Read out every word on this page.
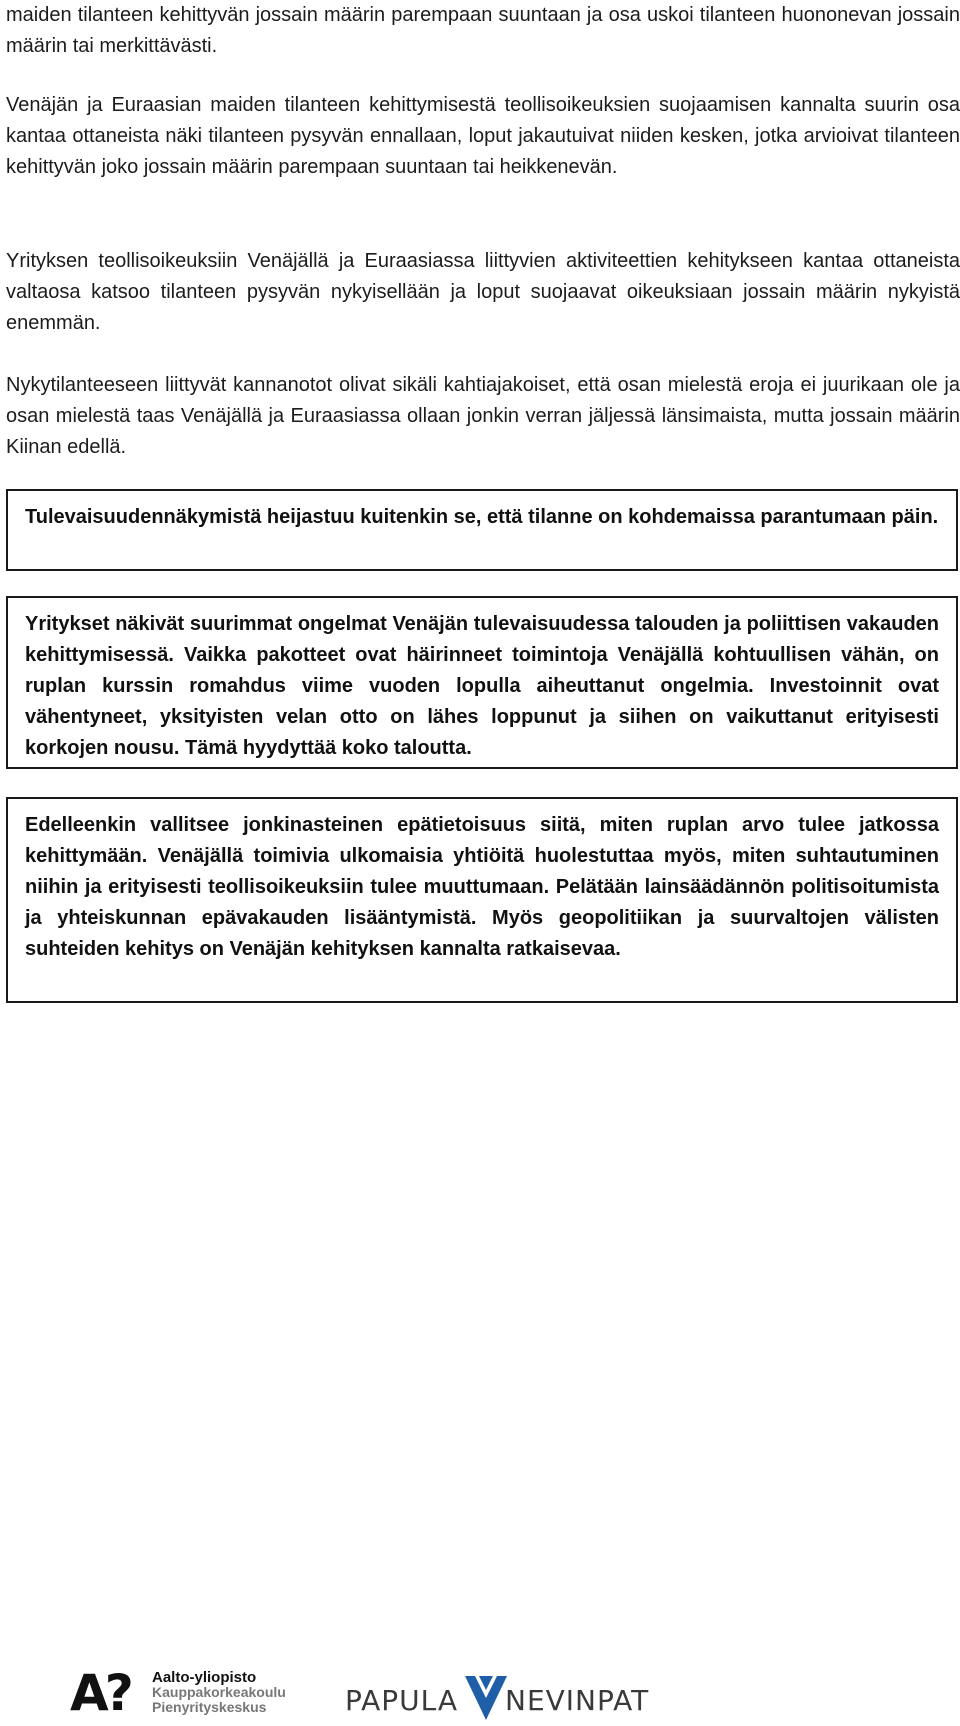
maiden tilanteen kehittyvän jossain määrin parempaan suuntaan ja osa uskoi tilanteen huononevan jossain määrin tai merkittävästi.

Venäjän ja Euraasian maiden tilanteen kehittymisestä teollisoikeuksien suojaamisen kannalta suurin osa kantaa ottaneista näki tilanteen pysyvän ennallaan, loput jakautuivat niiden kesken, jotka arvioivat tilanteen kehittyvän joko jossain määrin parempaan suuntaan tai heikkenevän.

Yrityksen teollisoikeuksiin Venäjällä ja Euraasiassa liittyvien aktiviteettien kehitykseen kantaa ottaneista valtaosa katsoo tilanteen pysyvän nykyisellään ja loput suojaavat oikeuksiaan jossain määrin nykyistä enemmän.

Nykytilanteeseen liittyvät kannanotot olivat sikäli kahtiajakoiset, että osan mielestä eroja ei juurikaan ole ja osan mielestä taas Venäjällä ja Euraasiassa ollaan jonkin verran jäljessä länsimaista, mutta jossain määrin Kiinan edellä.

Tulevaisuudennäkymistä heijastuu kuitenkin se, että tilanne on kohdemaissa parantumaan päin.

Yritykset näkivät suurimmat ongelmat Venäjän tulevaisuudessa talouden ja poliittisen vakauden kehittymisessä. Vaikka pakotteet ovat häirinneet toimintoja Venäjällä kohtuullisen vähän, on ruplan kurssin romahdus viime vuoden lopulla aiheuttanut ongelmia. Investoinnit ovat vähentyneet, yksityisten velan otto on lähes loppunut ja siihen on vaikuttanut erityisesti korkojen nousu. Tämä hyydyttää koko taloutta.

Edelleenkin vallitsee jonkinasteinen epätietoisuus siitä, miten ruplan arvo tulee jatkossa kehittymään. Venäjällä toimivia ulkomaisia yhtiöitä huolestuttaa myös, miten suhtautuminen niihin ja erityisesti teollisoikeuksiin tulee muuttumaan. Pelätään lainsäädännön politisoitumista ja yhteiskunnan epävakauden lisääntymistä. Myös geopolitiikan ja suurvaltojen välisten suhteiden kehitys on Venäjän kehityksen kannalta ratkaisevaa.

A? Aalto-yliopisto
Kauppakorkeakoulu
Pienyrityskeskus	PAPULA NEVINPAT
